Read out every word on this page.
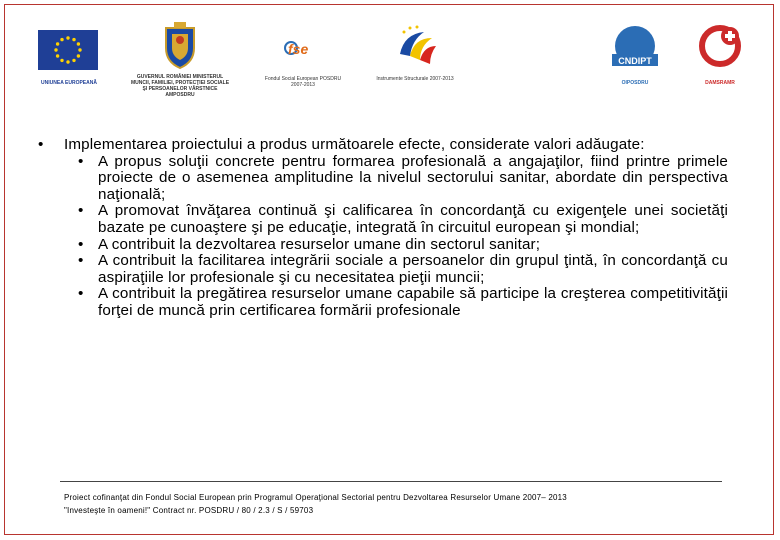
UNIUNEA EUROPEANĂ
GUVERNUL ROMÂNIEI MINISTERUL MUNCII, FAMILIEI, PROTECŢIEI SOCIALE ŞI PERSOANELOR VÂRSTNICE AMPOSDRU
fse
Fondul Social European POSDRU 2007-2013
Instrumente Structurale 2007-2013
CNDIPT
OIPOSDRU	DAMSRAMR
•	Implementarea proiectului a produs următoarele efecte, considerate valori adăugate:
• A propus soluţii concrete pentru formarea profesională a angajaţilor, fiind printre primele proiecte de o asemenea amplitudine la nivelul sectorului sanitar, abordate din perspectiva naţională;
• A promovat învăţarea continuă şi calificarea în concordanţă cu exigenţele unei societăţi bazate pe cunoaştere şi pe educaţie, integrată în circuitul european şi mondial;
• A contribuit la dezvoltarea resurselor umane din sectorul sanitar;
• A contribuit la facilitarea integrării sociale a persoanelor din grupul ţintă, în concordanţă cu aspiraţiile lor profesionale şi cu necesitatea pieţii muncii;
• A contribuit la pregătirea resurselor umane capabile să participe la creşterea competitivităţii forţei de muncă prin certificarea formării profesionale
Proiect cofinanţat din Fondul Social European prin Programul Operaţional Sectorial pentru Dezvoltarea Resurselor Umane 2007– 2013
"Investeşte în oameni!" Contract nr. POSDRU / 80 / 2.3 / S / 59703
